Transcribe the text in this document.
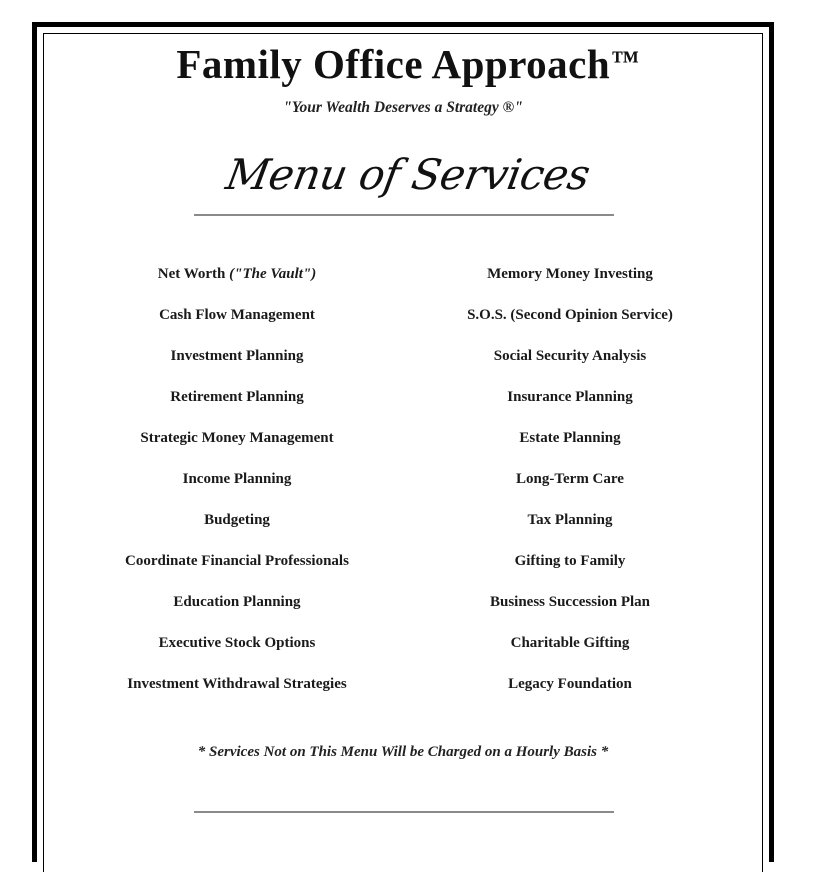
Family Office Approach™
"Your Wealth Deserves a Strategy ®"
Menu of Services
Net Worth ("The Vault")
Cash Flow Management
Investment Planning
Retirement Planning
Strategic Money Management
Income Planning
Budgeting
Coordinate Financial Professionals
Education Planning
Executive Stock Options
Investment Withdrawal Strategies
Memory Money Investing
S.O.S. (Second Opinion Service)
Social Security Analysis
Insurance Planning
Estate Planning
Long-Term Care
Tax Planning
Gifting to Family
Business Succession Plan
Charitable Gifting
Legacy Foundation
* Services Not on This Menu Will be Charged on a Hourly Basis *
